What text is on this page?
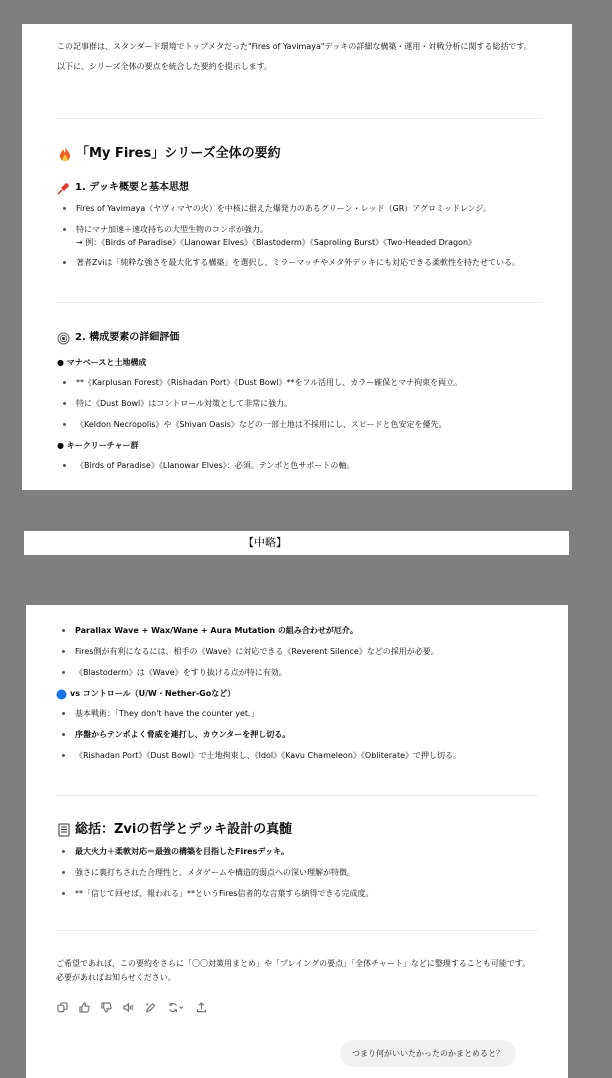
この記事群は、スタンダード環境でトップメタだった"Fires of Yavimaya"デッキの詳細な構築・運用・対戦分析に関する総括です。

以下に、シリーズ全体の要点を統合した要約を提示します。

「My Fires」シリーズ全体の要約
1. デッキ概要と基本思想
Fires of Yavimaya（ヤヴィマヤの火）を中核に据えた爆発力のあるグリーン・レッド（GR）アグロミッドレンジ。
特にマナ加速＋速攻持ちの大型生物のコンボが強力。
→ 例：《Birds of Paradise》《Llanowar Elves》《Blastoderm》《Saproling Burst》《Two-Headed Dragon》
著者Zviは「純粋な強さを最大化する構築」を選択し、ミラーマッチやメタ外デッキにも対応できる柔軟性を持たせている。
2. 構成要素の詳細評価
● マナベースと土地構成
**《Karplusan Forest》《Rishadan Port》《Dust Bowl》**をフル活用し、カラー確保とマナ拘束を両立。
特に《Dust Bowl》はコントロール対策として非常に強力。
《Keldon Necropolis》や《Shivan Oasis》などの一部土地は不採用にし、スピードと色安定を優先。
● キークリーチャー群
《Birds of Paradise》《Llanowar Elves》：必須。テンポと色サポートの軸。
【中略】
Parallax Wave + Wax/Wane + Aura Mutation の組み合わせが厄介。
Fires側が有利になるには、相手の《Wave》に対応できる《Reverent Silence》などの採用が必要。
《Blastoderm》は《Wave》をすり抜ける点が特に有効。
vs コントロール（U/W・Nether-Goなど）
基本戦術：「They don't have the counter yet.」
序盤からテンポよく脅威を連打し、カウンターを押し切る。
《Rishadan Port》《Dust Bowl》で土地拘束し、《Idol》《Kavu Chameleon》《Obliterate》で押し切る。
総括：Zviの哲学とデッキ設計の真髄
最大火力＋柔軟対応＝最強の構築を目指したFiresデッキ。
強さに裏打ちされた合理性と、メタゲームや構造的弱点への深い理解が特徴。
**「信じて回せば、報われる」**というFires信者的な言葉すら納得できる完成度。

ご希望であれば、この要約をさらに「〇〇対策用まとめ」や「プレイングの要点」「全体チャート」などに整理することも可能です。
必要があればお知らせください。

つまり何がいいたかったのかまとめると？
